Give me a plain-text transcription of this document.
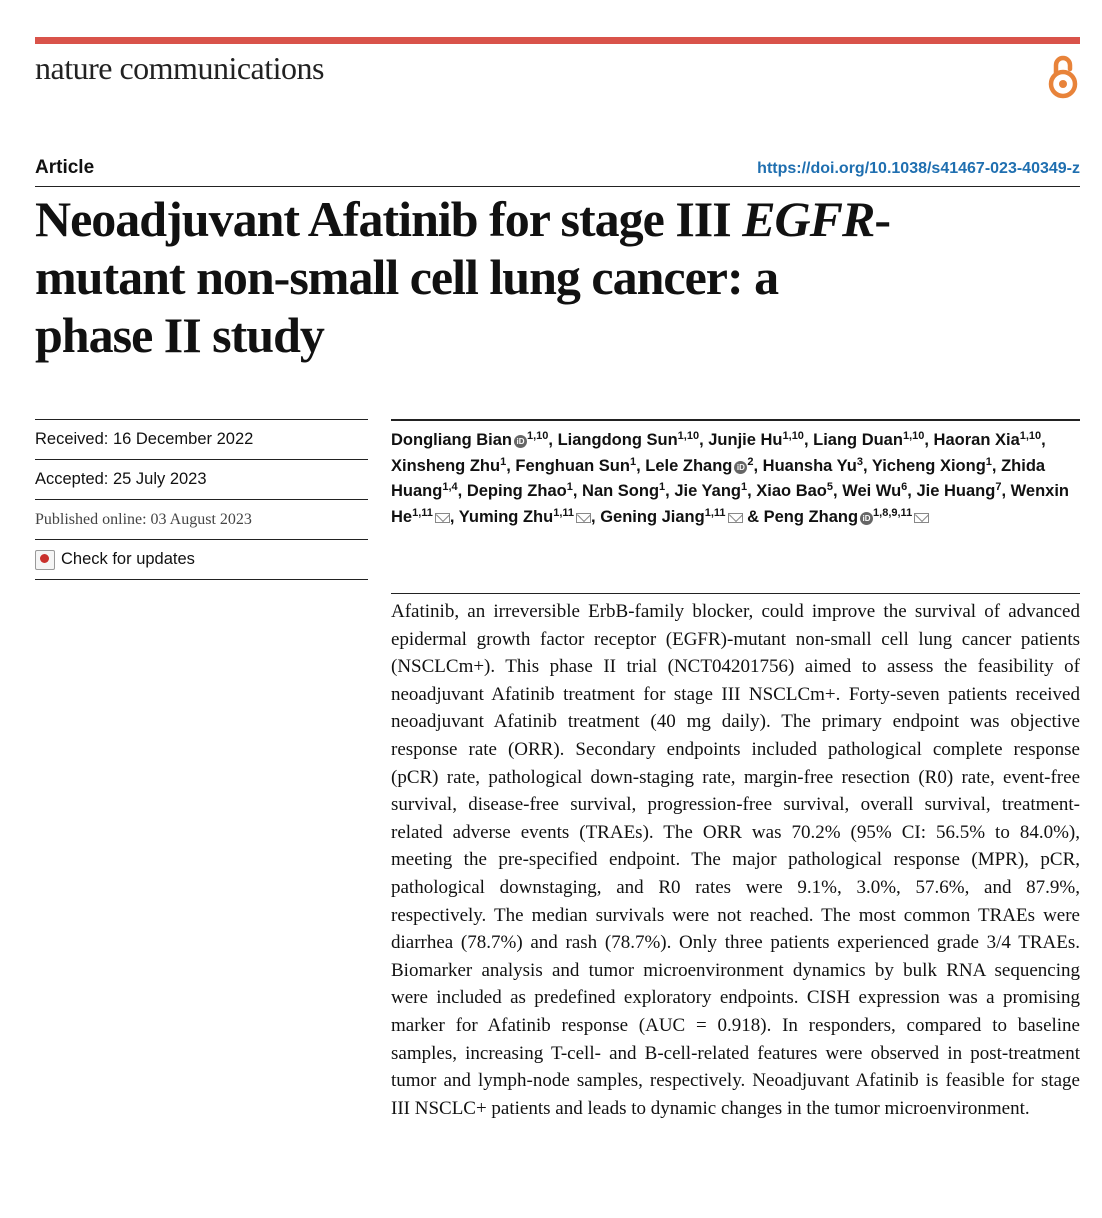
nature communications
Article	https://doi.org/10.1038/s41467-023-40349-z
Neoadjuvant Afatinib for stage III EGFR-
mutant non-small cell lung cancer: a
phase II study
Received: 16 December 2022
Accepted: 25 July 2023
Published online: 03 August 2023
Check for updates
Dongliang Bian iD $^{1,10}$, Liangdong Sun$^{1,10}$, Junjie Hu$^{1,10}$, Liang Duan$^{1,10}$, Haoran Xia$^{1,10}$, Xinsheng Zhu$^1$, Fenghuan Sun$^1$, Lele Zhang iD $^2$, Huansha Yu$^3$, Yicheng Xiong$^1$, Zhida Huang$^{1,4}$, Deping Zhao$^1$, Nan Song$^1$, Jie Yang$^1$, Xiao Bao$^5$, Wei Wu$^6$, Jie Huang$^7$, Wenxin He$^{1,11}$ , Yuming Zhu$^{1,11}$ , Gening Jiang$^{1,11}$ & Peng Zhang iD $^{1,8,9,11}$

Afatinib, an irreversible ErbB-family blocker, could improve the survival of advanced epidermal growth factor receptor (EGFR)-mutant non-small cell lung cancer patients (NSCLCm+). This phase II trial (NCT04201756) aimed to assess the feasibility of neoadjuvant Afatinib treatment for stage III NSCLCm+. Forty-seven patients received neoadjuvant Afatinib treatment (40 mg daily). The primary endpoint was objective response rate (ORR). Secondary endpoints included pathological complete response (pCR) rate, pathological down-staging rate, margin-free resection (R0) rate, event-free survival, disease-free survival, progression-free survival, overall survival, treatment-related adverse events (TRAEs). The ORR was 70.2% (95% CI: 56.5% to 84.0%), meeting the pre-specified endpoint. The major pathological response (MPR), pCR, pathological downstaging, and R0 rates were 9.1%, 3.0%, 57.6%, and 87.9%, respectively. The median survivals were not reached. The most common TRAEs were diarrhea (78.7%) and rash (78.7%). Only three patients experienced grade 3/4 TRAEs. Biomarker analysis and tumor microenvironment dynamics by bulk RNA sequencing were included as predefined exploratory endpoints. CISH expression was a promising marker for Afatinib response (AUC = 0.918). In responders, compared to baseline samples, increasing T-cell- and B-cell-related features were observed in post-treatment tumor and lymph-node samples, respectively. Neoadjuvant Afatinib is feasible for stage III NSCLC+ patients and leads to dynamic changes in the tumor microenvironment.
